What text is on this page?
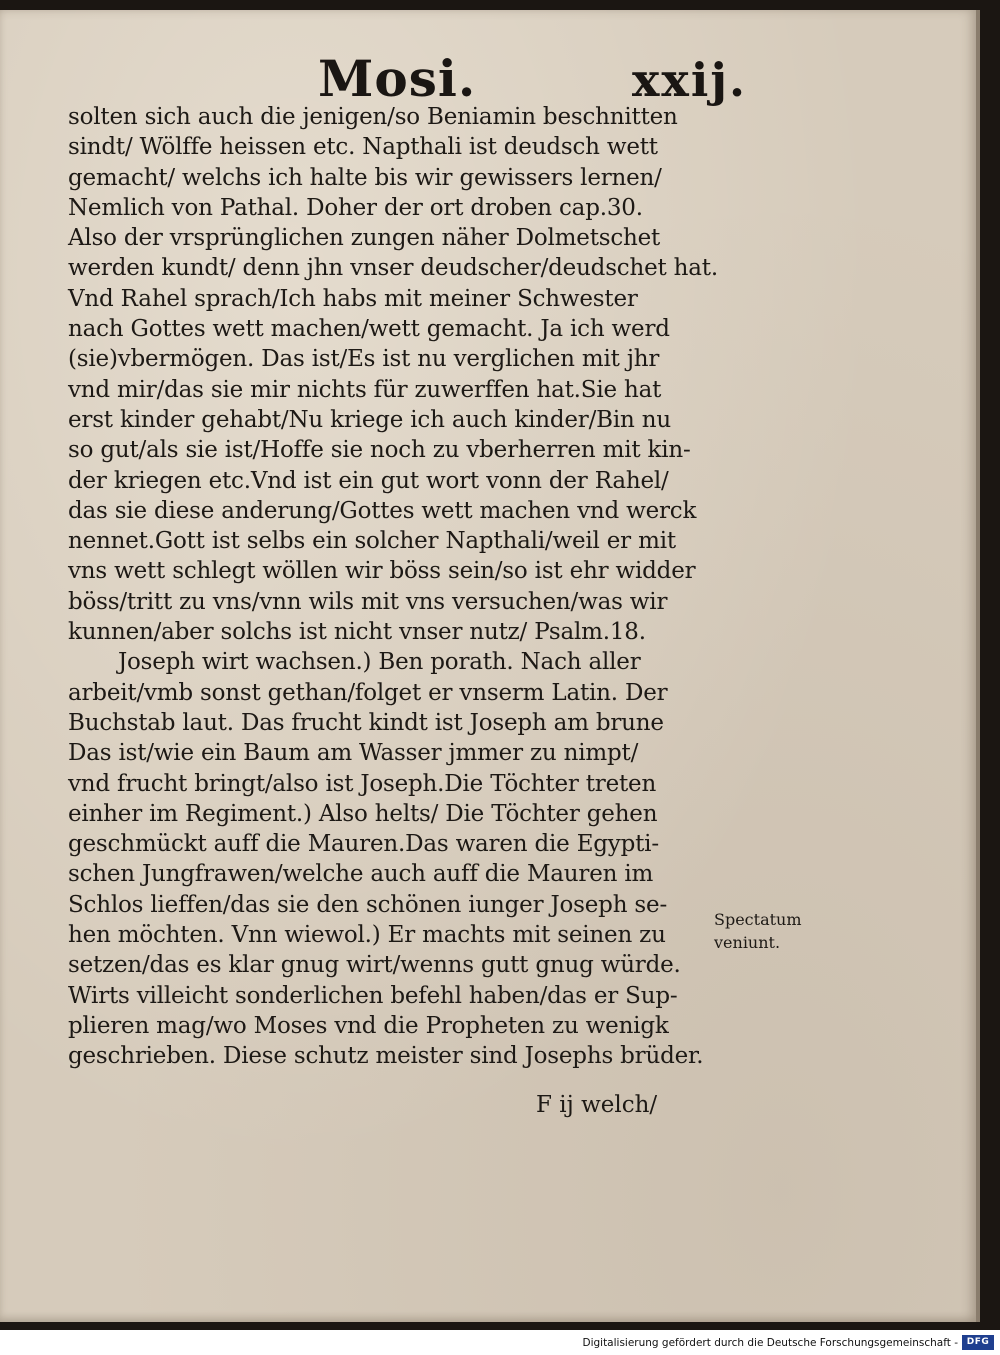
Mosi.	xxij.
solten sich auch die jenigen/so Beniamin beschnitten
sindt/ Wölffe heissen etc. Napthali ist deudsch wett
gemacht/ welchs ich halte bis wir gewissers lernen/
Nemlich von Pathal. Doher der ort droben cap.30.
Also der vrsprünglichen zungen näher Dolmetschet
werden kundt/ denn jhn vnser deudscher/deudschet hat.
Vnd Rahel sprach/Ich habs mit meiner Schwester
nach Gottes wett machen/wett gemacht. Ja ich werd
(sie)vbermögen. Das ist/Es ist nu verglichen mit jhr
vnd mir/das sie mir nichts für zuwerffen hat.Sie hat
erst kinder gehabt/Nu kriege ich auch kinder/Bin nu
so gut/als sie ist/Hoffe sie noch zu vberherren mit kin-
der kriegen etc.Vnd ist ein gut wort vonn der Rahel/
das sie diese anderung/Gottes wett machen vnd werck
nennet.Gott ist selbs ein solcher Napthali/weil er mit
vns wett schlegt wöllen wir böss sein/so ist ehr widder
böss/tritt zu vns/vnn wils mit vns versuchen/was wir
kunnen/aber solchs ist nicht vnser nutz/ Psalm.18.
Joseph wirt wachsen.) Ben porath. Nach aller
arbeit/vmb sonst gethan/folget er vnserm Latin. Der
Buchstab laut. Das frucht kindt ist Joseph am brune
Das ist/wie ein Baum am Wasser jmmer zu nimpt/
vnd frucht bringt/also ist Joseph.Die Töchter treten
einher im Regiment.) Also helts/ Die Töchter gehen
geschmückt auff die Mauren.Das waren die Egypti-
schen Jungfrawen/welche auch auff die Mauren im
Schlos lieffen/das sie den schönen iunger Joseph se-
hen möchten. Vnn wiewol.) Er machts mit seinen zu
setzen/das es klar gnug wirt/wenns gutt gnug würde.
Wirts villeicht sonderlichen befehl haben/das er Sup-
plieren mag/wo Moses vnd die Propheten zu wenigk
geschrieben. Diese schutz meister sind Josephs brüder.
F ij welch/
Spectatum
veniunt.
Digitalisierung gefördert durch die Deutsche Forschungsgemeinschaft - DFG
